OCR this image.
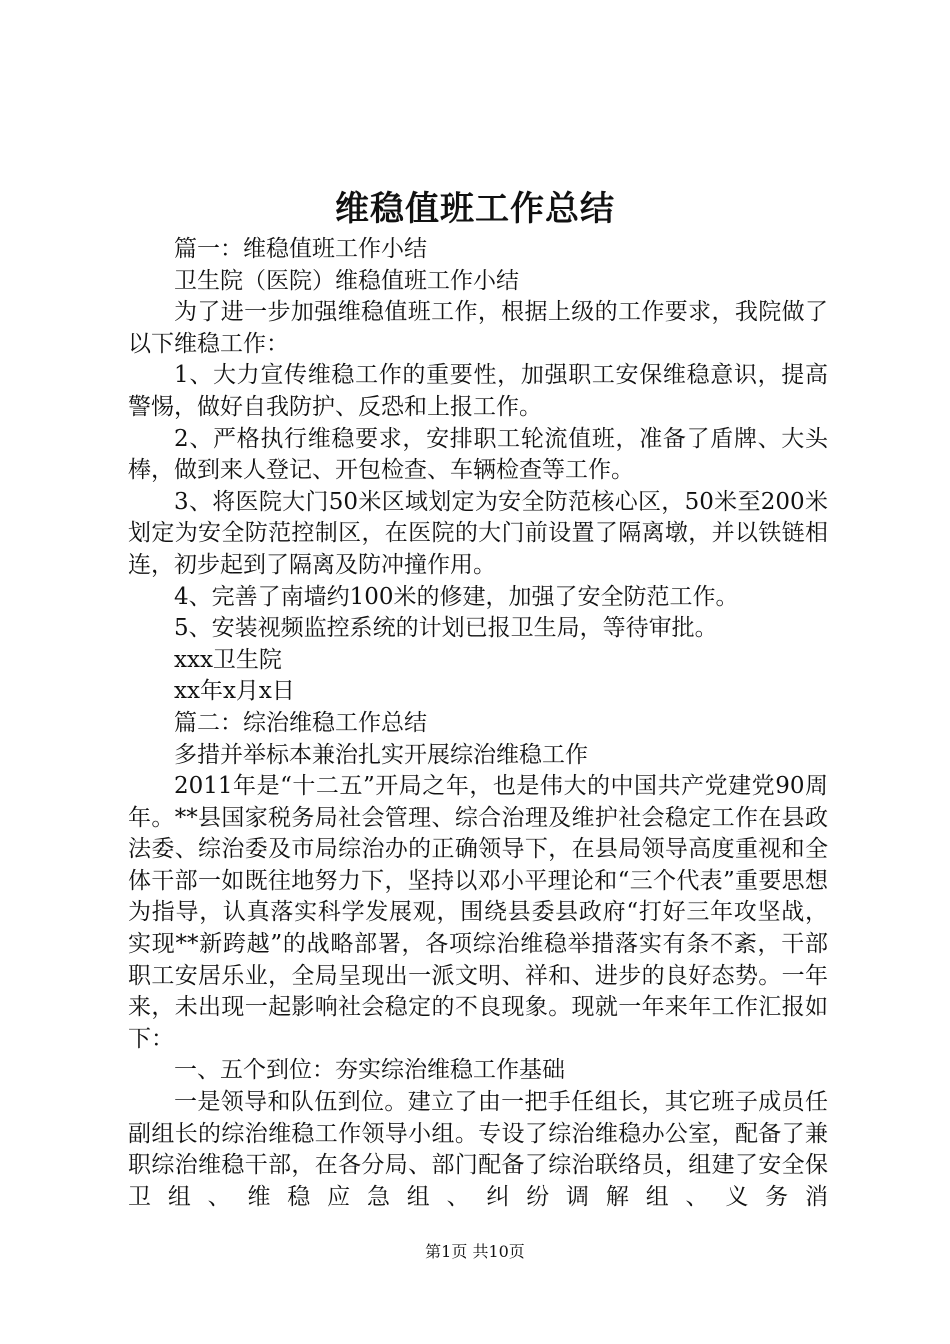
维稳值班工作总结

篇一：维稳值班工作小结

卫生院（医院）维稳值班工作小结

为了进一步加强维稳值班工作，根据上级的工作要求，我院做了以下维稳工作：

1、大力宣传维稳工作的重要性，加强职工安保维稳意识，提高警惕，做好自我防护、反恐和上报工作。

2、严格执行维稳要求，安排职工轮流值班，准备了盾牌、大头棒，做到来人登记、开包检查、车辆检查等工作。

3、将医院大门50米区域划定为安全防范核心区，50米至200米划定为安全防范控制区，在医院的大门前设置了隔离墩，并以铁链相连，初步起到了隔离及防冲撞作用。

4、完善了南墙约100米的修建，加强了安全防范工作。

5、安装视频监控系统的计划已报卫生局，等待审批。

xxx卫生院

xx年x月x日

篇二：综治维稳工作总结

多措并举标本兼治扎实开展综治维稳工作

2011年是“十二五”开局之年，也是伟大的中国共产党建党90周年。**县国家税务局社会管理、综合治理及维护社会稳定工作在县政法委、综治委及市局综治办的正确领导下，在县局领导高度重视和全体干部一如既往地努力下，坚持以邓小平理论和“三个代表”重要思想为指导，认真落实科学发展观，围绕县委县政府“打好三年攻坚战，实现**新跨越”的战略部署，各项综治维稳举措落实有条不紊，干部职工安居乐业，全局呈现出一派文明、祥和、进步的良好态势。一年来，未出现一起影响社会稳定的不良现象。现就一年来年工作汇报如下：

一、五个到位：夯实综治维稳工作基础

一是领导和队伍到位。建立了由一把手任组长，其它班子成员任副组长的综治维稳工作领导小组。专设了综治维稳办公室，配备了兼职综治维稳干部，在各分局、部门配备了综治联络员，组建了安全保卫组、维稳应急组、纠纷调解组、义务消

第1页 共10页
